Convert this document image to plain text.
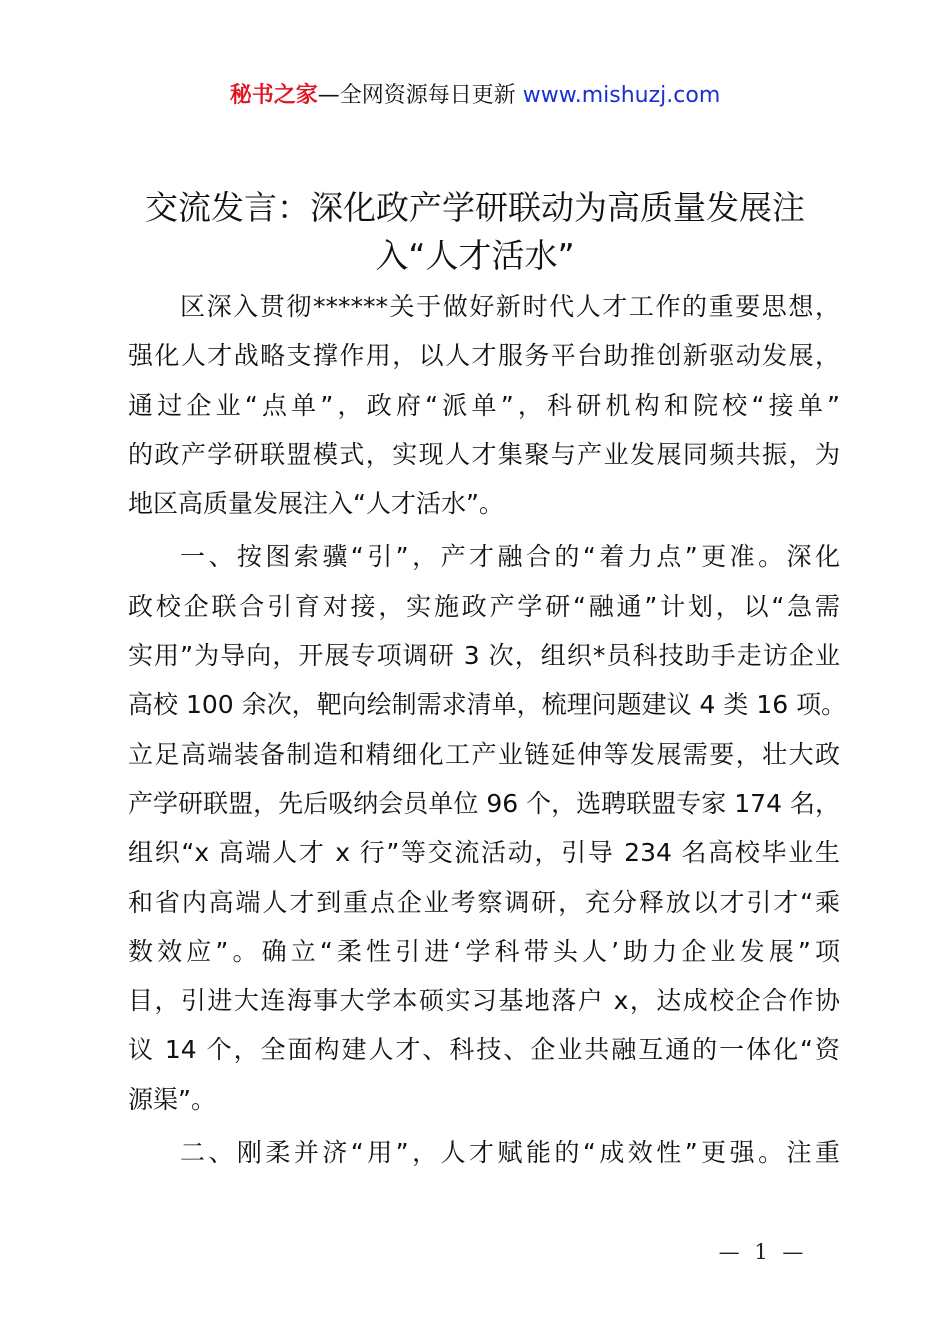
秘书之家—全网资源每日更新 www.mishuzj.com
交流发言：深化政产学研联动为高质量发展注
入“人才活水”
区深入贯彻******关于做好新时代人才工作的重要思想，
强化人才战略支撑作用，以人才服务平台助推创新驱动发展，
通过企业“点单”，政府“派单”，科研机构和院校“接单”
的政产学研联盟模式，实现人才集聚与产业发展同频共振，为
地区高质量发展注入“人才活水”。
一、按图索骥“引”，产才融合的“着力点”更准。深化
政校企联合引育对接，实施政产学研“融通”计划，以“急需
实用”为导向，开展专项调研 3 次，组织*员科技助手走访企业
高校 100 余次，靶向绘制需求清单，梳理问题建议 4 类 16 项。
立足高端装备制造和精细化工产业链延伸等发展需要，壮大政
产学研联盟，先后吸纳会员单位 96 个，选聘联盟专家 174 名，
组织“x 高端人才 x 行”等交流活动，引导 234 名高校毕业生
和省内高端人才到重点企业考察调研，充分释放以才引才“乘
数效应”。确立“柔性引进‘学科带头人’助力企业发展”项
目，引进大连海事大学本硕实习基地落户 x，达成校企合作协
议 14 个，全面构建人才、科技、企业共融互通的一体化“资
源渠”。
二、刚柔并济“用”，人才赋能的“成效性”更强。注重
— 1 —
